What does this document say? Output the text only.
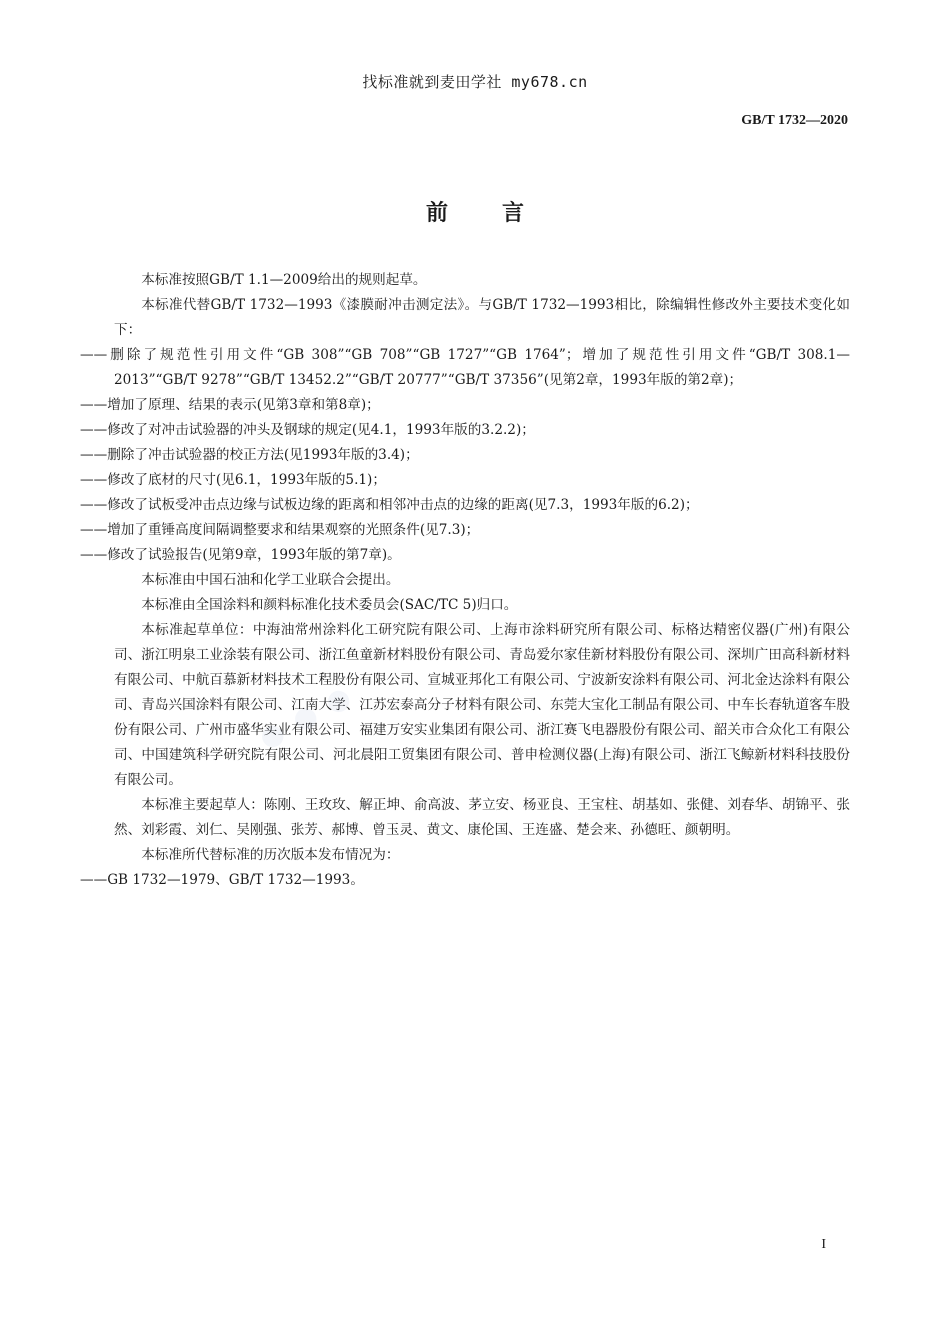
找标准就到麦田学社 my678.cn
GB/T 1732—2020
前言

本标准按照GB/T 1.1—2009给出的规则起草。

本标准代替GB/T 1732—1993《漆膜耐冲击测定法》。与GB/T 1732—1993相比，除编辑性修改外主要技术变化如下：

——删除了规范性引用文件“GB 308”“GB 708”“GB 1727”“GB 1764”；增加了规范性引用文件“GB/T 308.1—2013”“GB/T 9278”“GB/T 13452.2”“GB/T 20777”“GB/T 37356”(见第2章，1993年版的第2章)；

——增加了原理、结果的表示(见第3章和第8章)；

——修改了对冲击试验器的冲头及钢球的规定(见4.1，1993年版的3.2.2)；

——删除了冲击试验器的校正方法(见1993年版的3.4)；

——修改了底材的尺寸(见6.1，1993年版的5.1)；

——修改了试板受冲击点边缘与试板边缘的距离和相邻冲击点的边缘的距离(见7.3，1993年版的6.2)；

——增加了重锤高度间隔调整要求和结果观察的光照条件(见7.3)；

——修改了试验报告(见第9章，1993年版的第7章)。

本标准由中国石油和化学工业联合会提出。

本标准由全国涂料和颜料标准化技术委员会(SAC/TC 5)归口。

本标准起草单位：中海油常州涂料化工研究院有限公司、上海市涂料研究所有限公司、标格达精密仪器(广州)有限公司、浙江明泉工业涂装有限公司、浙江鱼童新材料股份有限公司、青岛爱尔家佳新材料股份有限公司、深圳广田高科新材料有限公司、中航百慕新材料技术工程股份有限公司、宣城亚邦化工有限公司、宁波新安涂料有限公司、河北金达涂料有限公司、青岛兴国涂料有限公司、江南大学、江苏宏泰高分子材料有限公司、东莞大宝化工制品有限公司、中车长春轨道客车股份有限公司、广州市盛华实业有限公司、福建万安实业集团有限公司、浙江赛飞电器股份有限公司、韶关市合众化工有限公司、中国建筑科学研究院有限公司、河北晨阳工贸集团有限公司、普申检测仪器(上海)有限公司、浙江飞鲸新材料科技股份有限公司。

本标准主要起草人：陈刚、王玫玫、解正坤、俞高波、茅立安、杨亚良、王宝柱、胡基如、张健、刘春华、胡锦平、张然、刘彩霞、刘仁、吴刚强、张芳、郝博、曾玉灵、黄文、康伦国、王连盛、楚会来、孙德旺、颜朝明。

本标准所代替标准的历次版本发布情况为：

——GB 1732—1979、GB/T 1732—1993。

● ● ●
I
